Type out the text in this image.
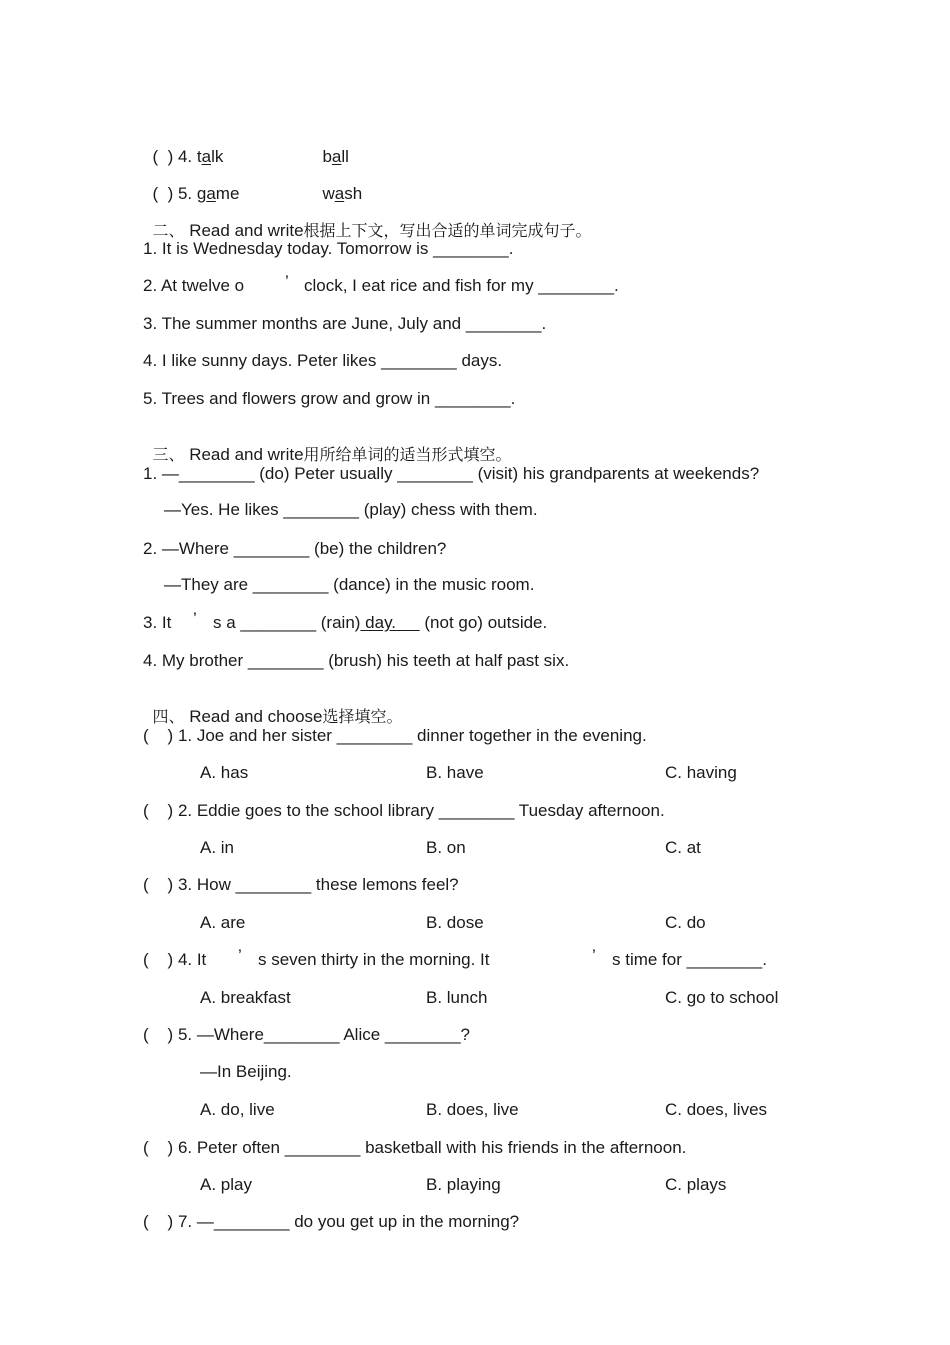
( ) 4. talk	ball

( ) 5. game	wash

二、 Read and write根据上下文，写出合适的单词完成句子。

1. It is Wednesday today. Tomorrow is ________.
2. At twelve o ’ clock, I eat rice and fish for my ________.
3. The summer months are June, July and ________.
4. I like sunny days. Peter likes ________ days.
5. Trees and flowers grow and grow in ________.

三、 Read and write用所给单词的适当形式填空。

1. —________ (do) Peter usually ________ (visit) his grandparents at weekends?
—Yes. He likes ________ (play) chess with them.
2. —Where ________ (be) the children?
—They are ________ (dance) in the music room.
3. It ’ s a ________ (rain) day.      (not go) outside.
4. My brother ________ (brush) his teeth at half past six.

四、 Read and choose选择填空。

(    ) 1. Joe and her sister ________ dinner together in the evening.
A. has	B. have	C. having
(    ) 2. Eddie goes to the school library ________ Tuesday afternoon.
A. in	B. on	C. at
(    ) 3. How ________ these lemons feel?
A. are	B. dose	C. do
(    ) 4. It ’ s seven thirty in the morning. It	’ s time for ________.
A. breakfast	B. lunch	C. go to school
(    ) 5. —Where________ Alice ________?
—In Beijing.
A. do, live	B. does, live	C. does, lives
(    ) 6. Peter often ________ basketball with his friends in the afternoon.
A. play	B. playing	C. plays
(    ) 7. —________ do you get up in the morning?
